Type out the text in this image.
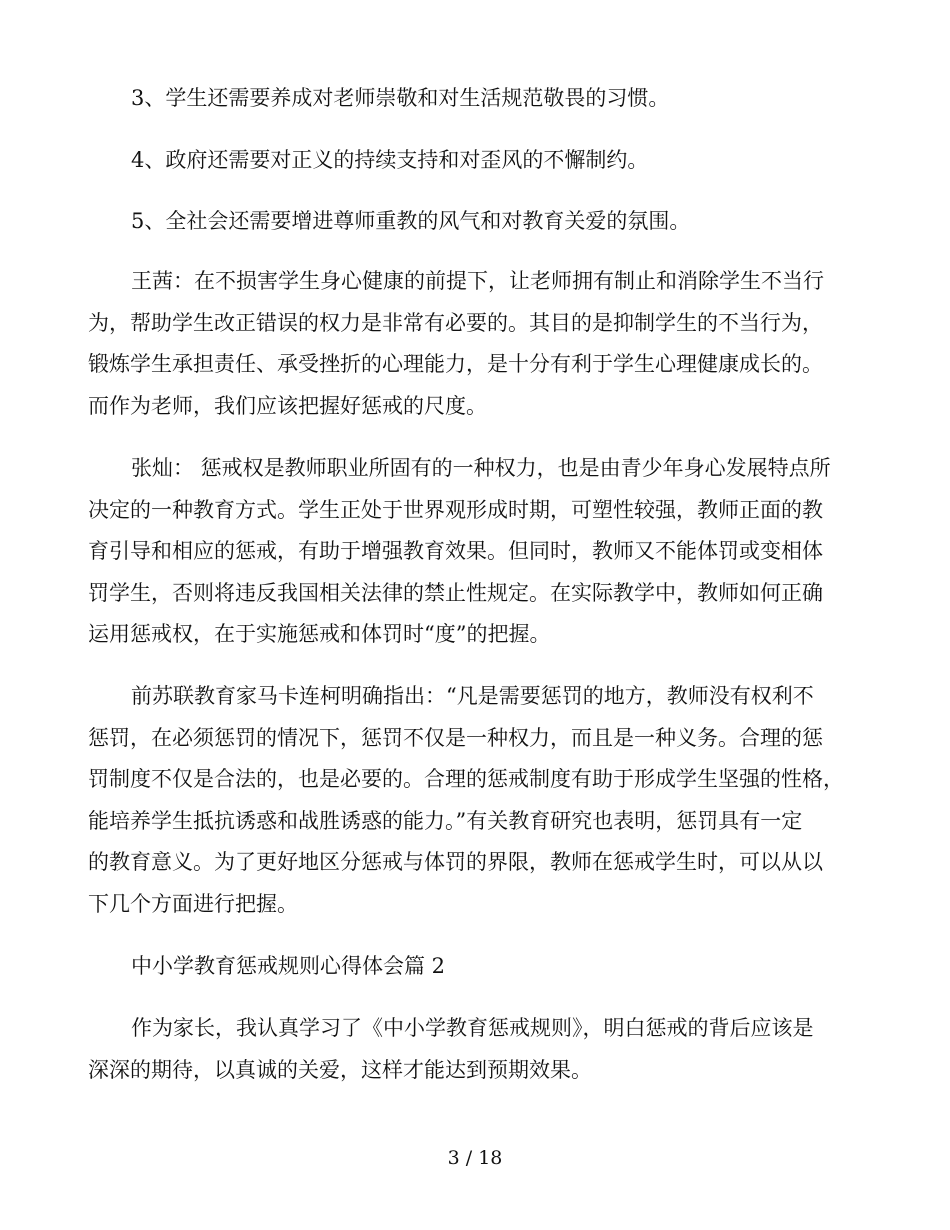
3、学生还需要养成对老师崇敬和对生活规范敬畏的习惯。
4、政府还需要对正义的持续支持和对歪风的不懈制约。
5、全社会还需要增进尊师重教的风气和对教育关爱的氛围。
王茜：在不损害学生身心健康的前提下，让老师拥有制止和消除学生不当行
为，帮助学生改正错误的权力是非常有必要的。其目的是抑制学生的不当行为，
锻炼学生承担责任、承受挫折的心理能力，是十分有利于学生心理健康成长的。
而作为老师，我们应该把握好惩戒的尺度。
张灿： 惩戒权是教师职业所固有的一种权力，也是由青少年身心发展特点所
决定的一种教育方式。学生正处于世界观形成时期，可塑性较强，教师正面的教
育引导和相应的惩戒，有助于增强教育效果。但同时，教师又不能体罚或变相体
罚学生，否则将违反我国相关法律的禁止性规定。在实际教学中，教师如何正确
运用惩戒权，在于实施惩戒和体罚时“度”的把握。
前苏联教育家马卡连柯明确指出：“凡是需要惩罚的地方，教师没有权利不
惩罚，在必须惩罚的情况下，惩罚不仅是一种权力，而且是一种义务。合理的惩
罚制度不仅是合法的，也是必要的。合理的惩戒制度有助于形成学生坚强的性格，
能培养学生抵抗诱惑和战胜诱惑的能力。”有关教育研究也表明，惩罚具有一定
的教育意义。为了更好地区分惩戒与体罚的界限，教师在惩戒学生时，可以从以
下几个方面进行把握。
中小学教育惩戒规则心得体会篇 2
作为家长，我认真学习了《中小学教育惩戒规则》，明白惩戒的背后应该是
深深的期待，以真诚的关爱，这样才能达到预期效果。
3 / 18
